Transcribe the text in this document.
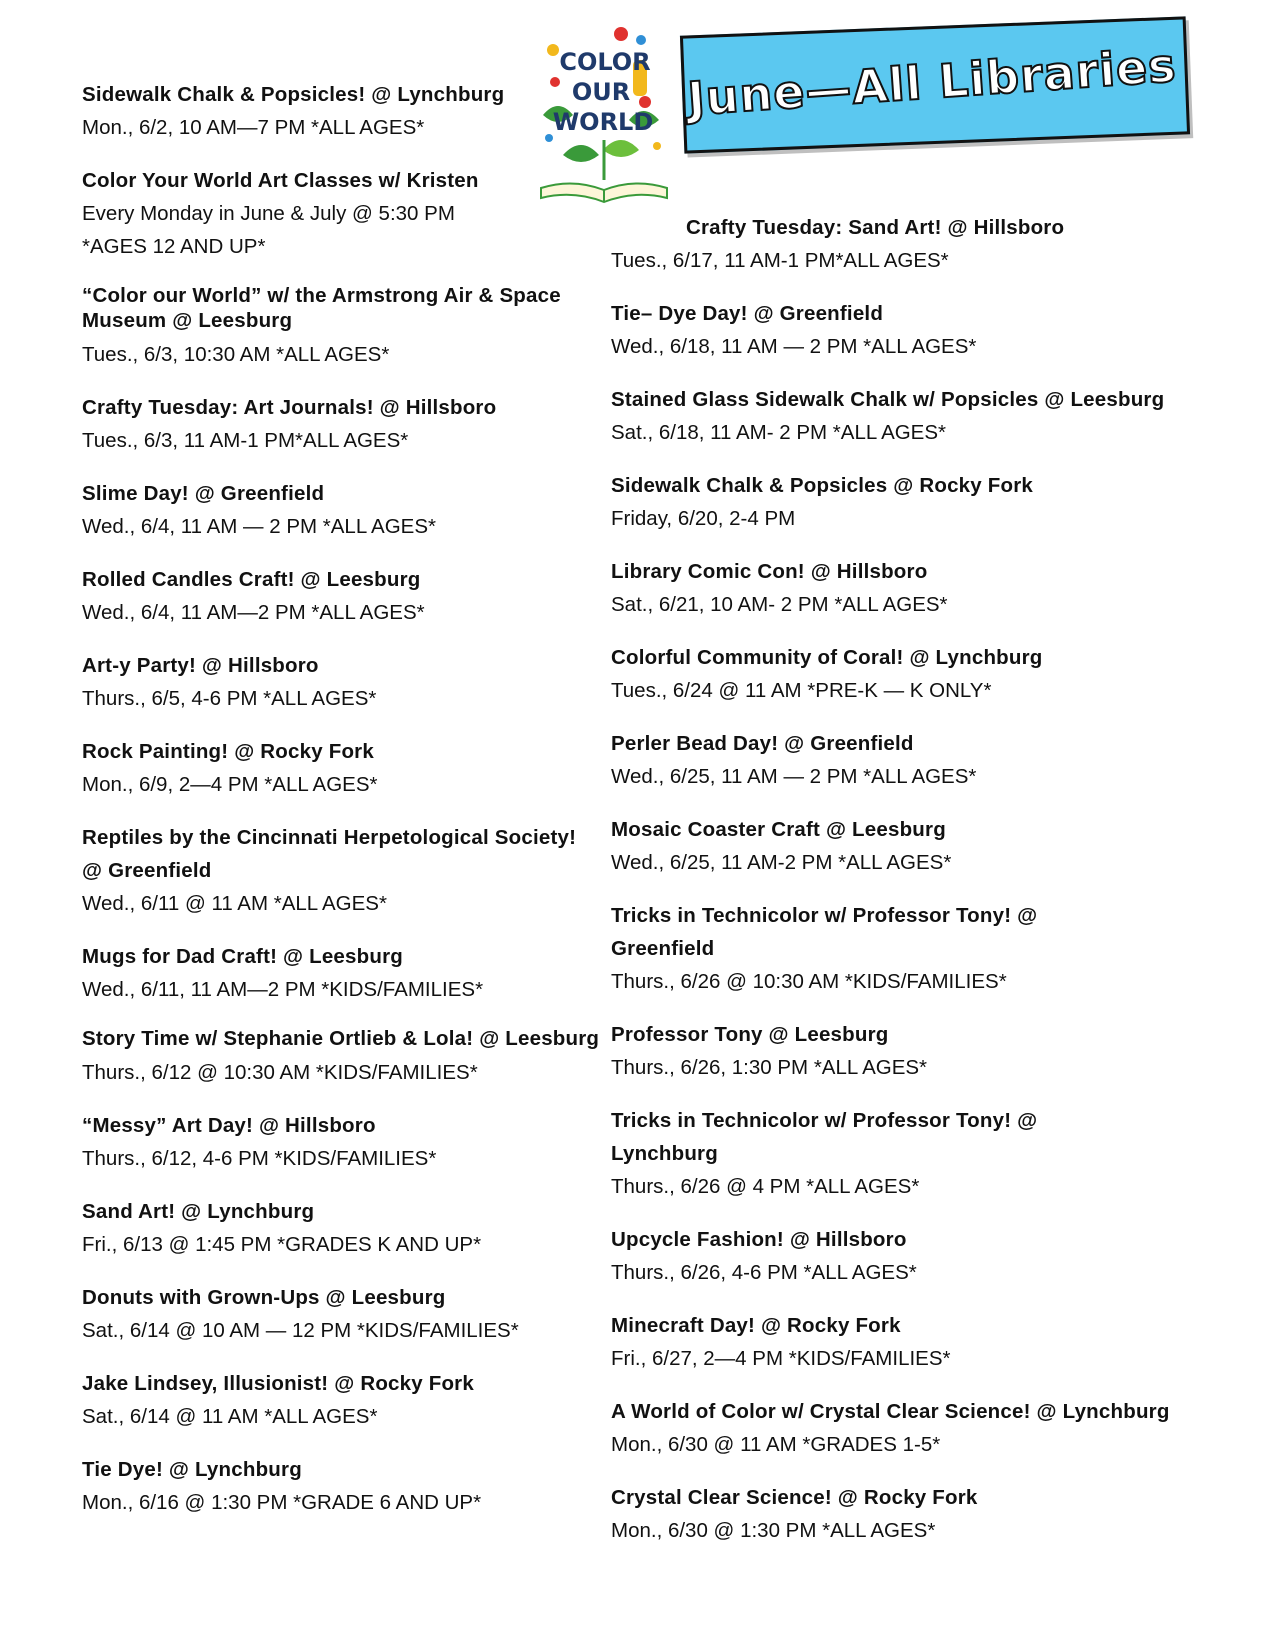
COLOR
OUR
WORLD June—All Libraries
Sidewalk Chalk & Popsicles! @ Lynchburg
Mon., 6/2, 10 AM—7 PM *ALL AGES*
Color Your World Art Classes w/ Kristen
Every Monday in June & July @ 5:30 PM
*AGES 12 AND UP*
“Color our World” w/ the Armstrong Air & Space Museum @ Leesburg
Tues., 6/3, 10:30 AM *ALL AGES*
Crafty Tuesday: Art Journals! @ Hillsboro
Tues., 6/3, 11 AM-1 PM*ALL AGES*
Slime Day! @ Greenfield
Wed., 6/4, 11 AM — 2 PM *ALL AGES*
Rolled Candles Craft! @ Leesburg
Wed., 6/4, 11 AM—2 PM *ALL AGES*
Art-y Party! @ Hillsboro
Thurs., 6/5, 4-6 PM *ALL AGES*
Rock Painting! @ Rocky Fork
Mon., 6/9, 2—4 PM *ALL AGES*
Reptiles by the Cincinnati Herpetological Society! @ Greenfield
Wed., 6/11 @ 11 AM *ALL AGES*
Mugs for Dad Craft! @ Leesburg
Wed., 6/11, 11 AM—2 PM *KIDS/FAMILIES*
Story Time w/ Stephanie Ortlieb & Lola! @ Leesburg
Thurs., 6/12 @ 10:30 AM *KIDS/FAMILIES*
“Messy” Art Day! @ Hillsboro
Thurs., 6/12, 4-6 PM *KIDS/FAMILIES*
Sand Art! @ Lynchburg
Fri., 6/13 @ 1:45 PM *GRADES K AND UP*
Donuts with Grown-Ups @ Leesburg
Sat., 6/14 @ 10 AM — 12 PM *KIDS/FAMILIES*
Jake Lindsey, Illusionist! @ Rocky Fork
Sat., 6/14 @ 11 AM *ALL AGES*
Tie Dye! @ Lynchburg
Mon., 6/16 @ 1:30 PM *GRADE 6 AND UP*
Crafty Tuesday: Sand Art! @ Hillsboro
Tues., 6/17, 11 AM-1 PM*ALL AGES*
Tie– Dye Day! @ Greenfield
Wed., 6/18, 11 AM — 2 PM *ALL AGES*
Stained Glass Sidewalk Chalk w/ Popsicles @ Leesburg
Sat., 6/18, 11 AM- 2 PM *ALL AGES*
Sidewalk Chalk & Popsicles @ Rocky Fork
Friday, 6/20, 2-4 PM
Library Comic Con! @ Hillsboro
Sat., 6/21, 10 AM- 2 PM *ALL AGES*
Colorful Community of Coral! @ Lynchburg
Tues., 6/24 @ 11 AM *PRE-K — K ONLY*
Perler Bead Day! @ Greenfield
Wed., 6/25, 11 AM — 2 PM *ALL AGES*
Mosaic Coaster Craft @ Leesburg
Wed., 6/25, 11 AM-2 PM *ALL AGES*
Tricks in Technicolor w/ Professor Tony! @ Greenfield
Thurs., 6/26 @ 10:30 AM *KIDS/FAMILIES*
Professor Tony @ Leesburg
Thurs., 6/26, 1:30 PM *ALL AGES*
Tricks in Technicolor w/ Professor Tony! @ Lynchburg
Thurs., 6/26 @ 4 PM *ALL AGES*
Upcycle Fashion! @ Hillsboro
Thurs., 6/26, 4-6 PM *ALL AGES*
Minecraft Day! @ Rocky Fork
Fri., 6/27, 2—4 PM *KIDS/FAMILIES*
A World of Color w/ Crystal Clear Science! @ Lynchburg
Mon., 6/30 @ 11 AM *GRADES 1-5*
Crystal Clear Science! @ Rocky Fork
Mon., 6/30 @ 1:30 PM *ALL AGES*
